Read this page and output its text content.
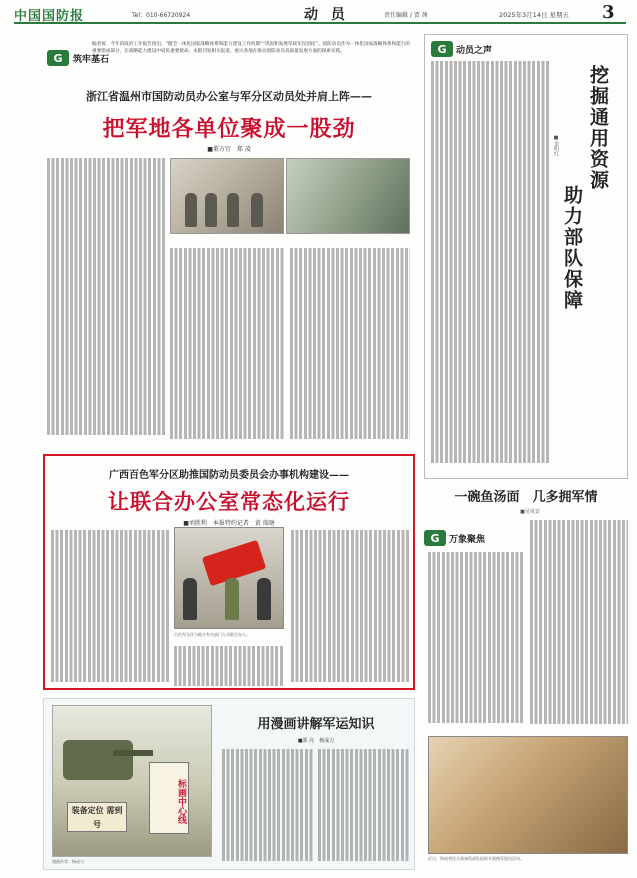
中国国防报	Tel：010-66720924	动 员	责任编辑 / 贾 茜	2025年3月14日 星期五 3
G	筑牢基石

编者按　今年的政府工作报告指出，“健全一体化国家战略体系和能力建设工作机制”“巩固和发展军政军民团结”。国防动员作为一体化国家战略体系和能力的重要组成部分，在战略能力建设中肩负重要使命。本版刊发相关报道，展示各地在推动国防动员高质量发展方面的探索实践。

浙江省温州市国防动员办公室与军分区动员处并肩上阵——
把军地各单位聚成一股劲
■董方宜　郑 凌
广西百色军分区助推国防动员委员会办事机构建设——
让联合办公室常态化运行
■刘胜利　本报特约记者　黄 瑞瑭
百色军分区与地方有关部门人员联合办公。
装备定位 需到号
标画中心线
漫画作者：杨成力
用漫画讲解军运知识
■郭 亮　杨成力
G	动员之声
挖掘通用资源
助力部队保障
■金明红
一碗鱼汤面　几多拥军情
■吴凤安
G	万象聚焦
近日，海南省民兵预备役部队组织开展拥军慰问活动。
